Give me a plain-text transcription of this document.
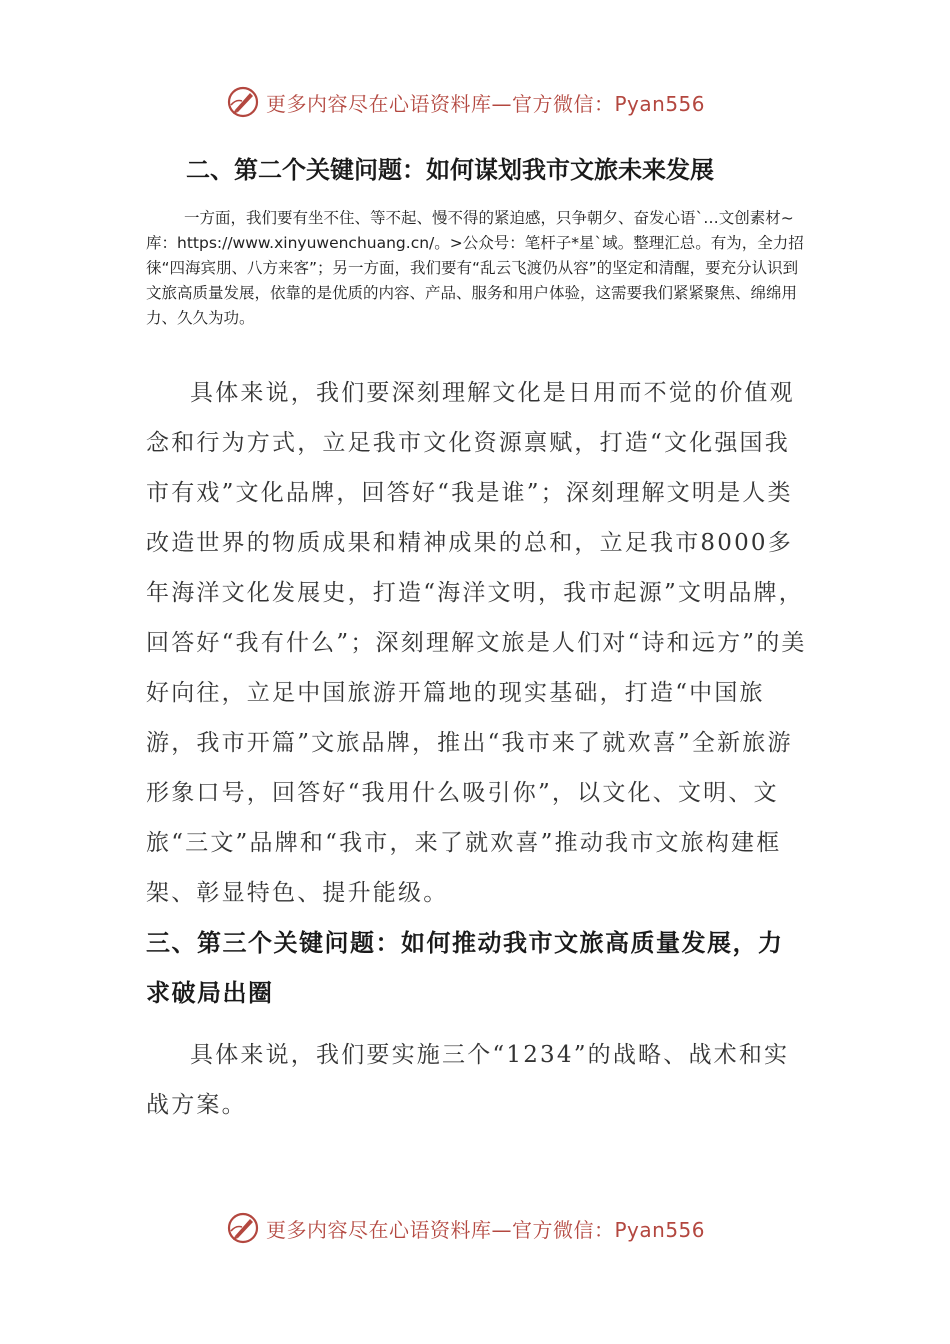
更多内容尽在心语资料库—官方微信：Pyan556
二、第二个关键问题：如何谋划我市文旅未来发展

一方面，我们要有坐不住、等不起、慢不得的紧迫感，只争朝夕、奋发心语`…文创素材~库：https://www.xinyuwenchuang.cn/。>公众号：笔杆子*星`域。整理汇总。有为，全力招徕“四海宾朋、八方来客”；另一方面，我们要有“乱云飞渡仍从容”的坚定和清醒，要充分认识到文旅高质量发展，依靠的是优质的内容、产品、服务和用户体验，这需要我们紧紧聚焦、绵绵用力、久久为功。

具体来说，我们要深刻理解文化是日用而不觉的价值观念和行为方式，立足我市文化资源禀赋，打造“文化强国我市有戏”文化品牌，回答好“我是谁”；深刻理解文明是人类改造世界的物质成果和精神成果的总和，立足我市8000多年海洋文化发展史，打造“海洋文明，我市起源”文明品牌，回答好“我有什么”；深刻理解文旅是人们对“诗和远方”的美好向往，立足中国旅游开篇地的现实基础，打造“中国旅游，我市开篇”文旅品牌，推出“我市来了就欢喜”全新旅游形象口号，回答好“我用什么吸引你”，以文化、文明、文旅“三文”品牌和“我市，来了就欢喜”推动我市文旅构建框架、彰显特色、提升能级。

三、第三个关键问题：如何推动我市文旅高质量发展，力求破局出圈

具体来说，我们要实施三个“1234”的战略、战术和实战方案。

更多内容尽在心语资料库—官方微信：Pyan556
